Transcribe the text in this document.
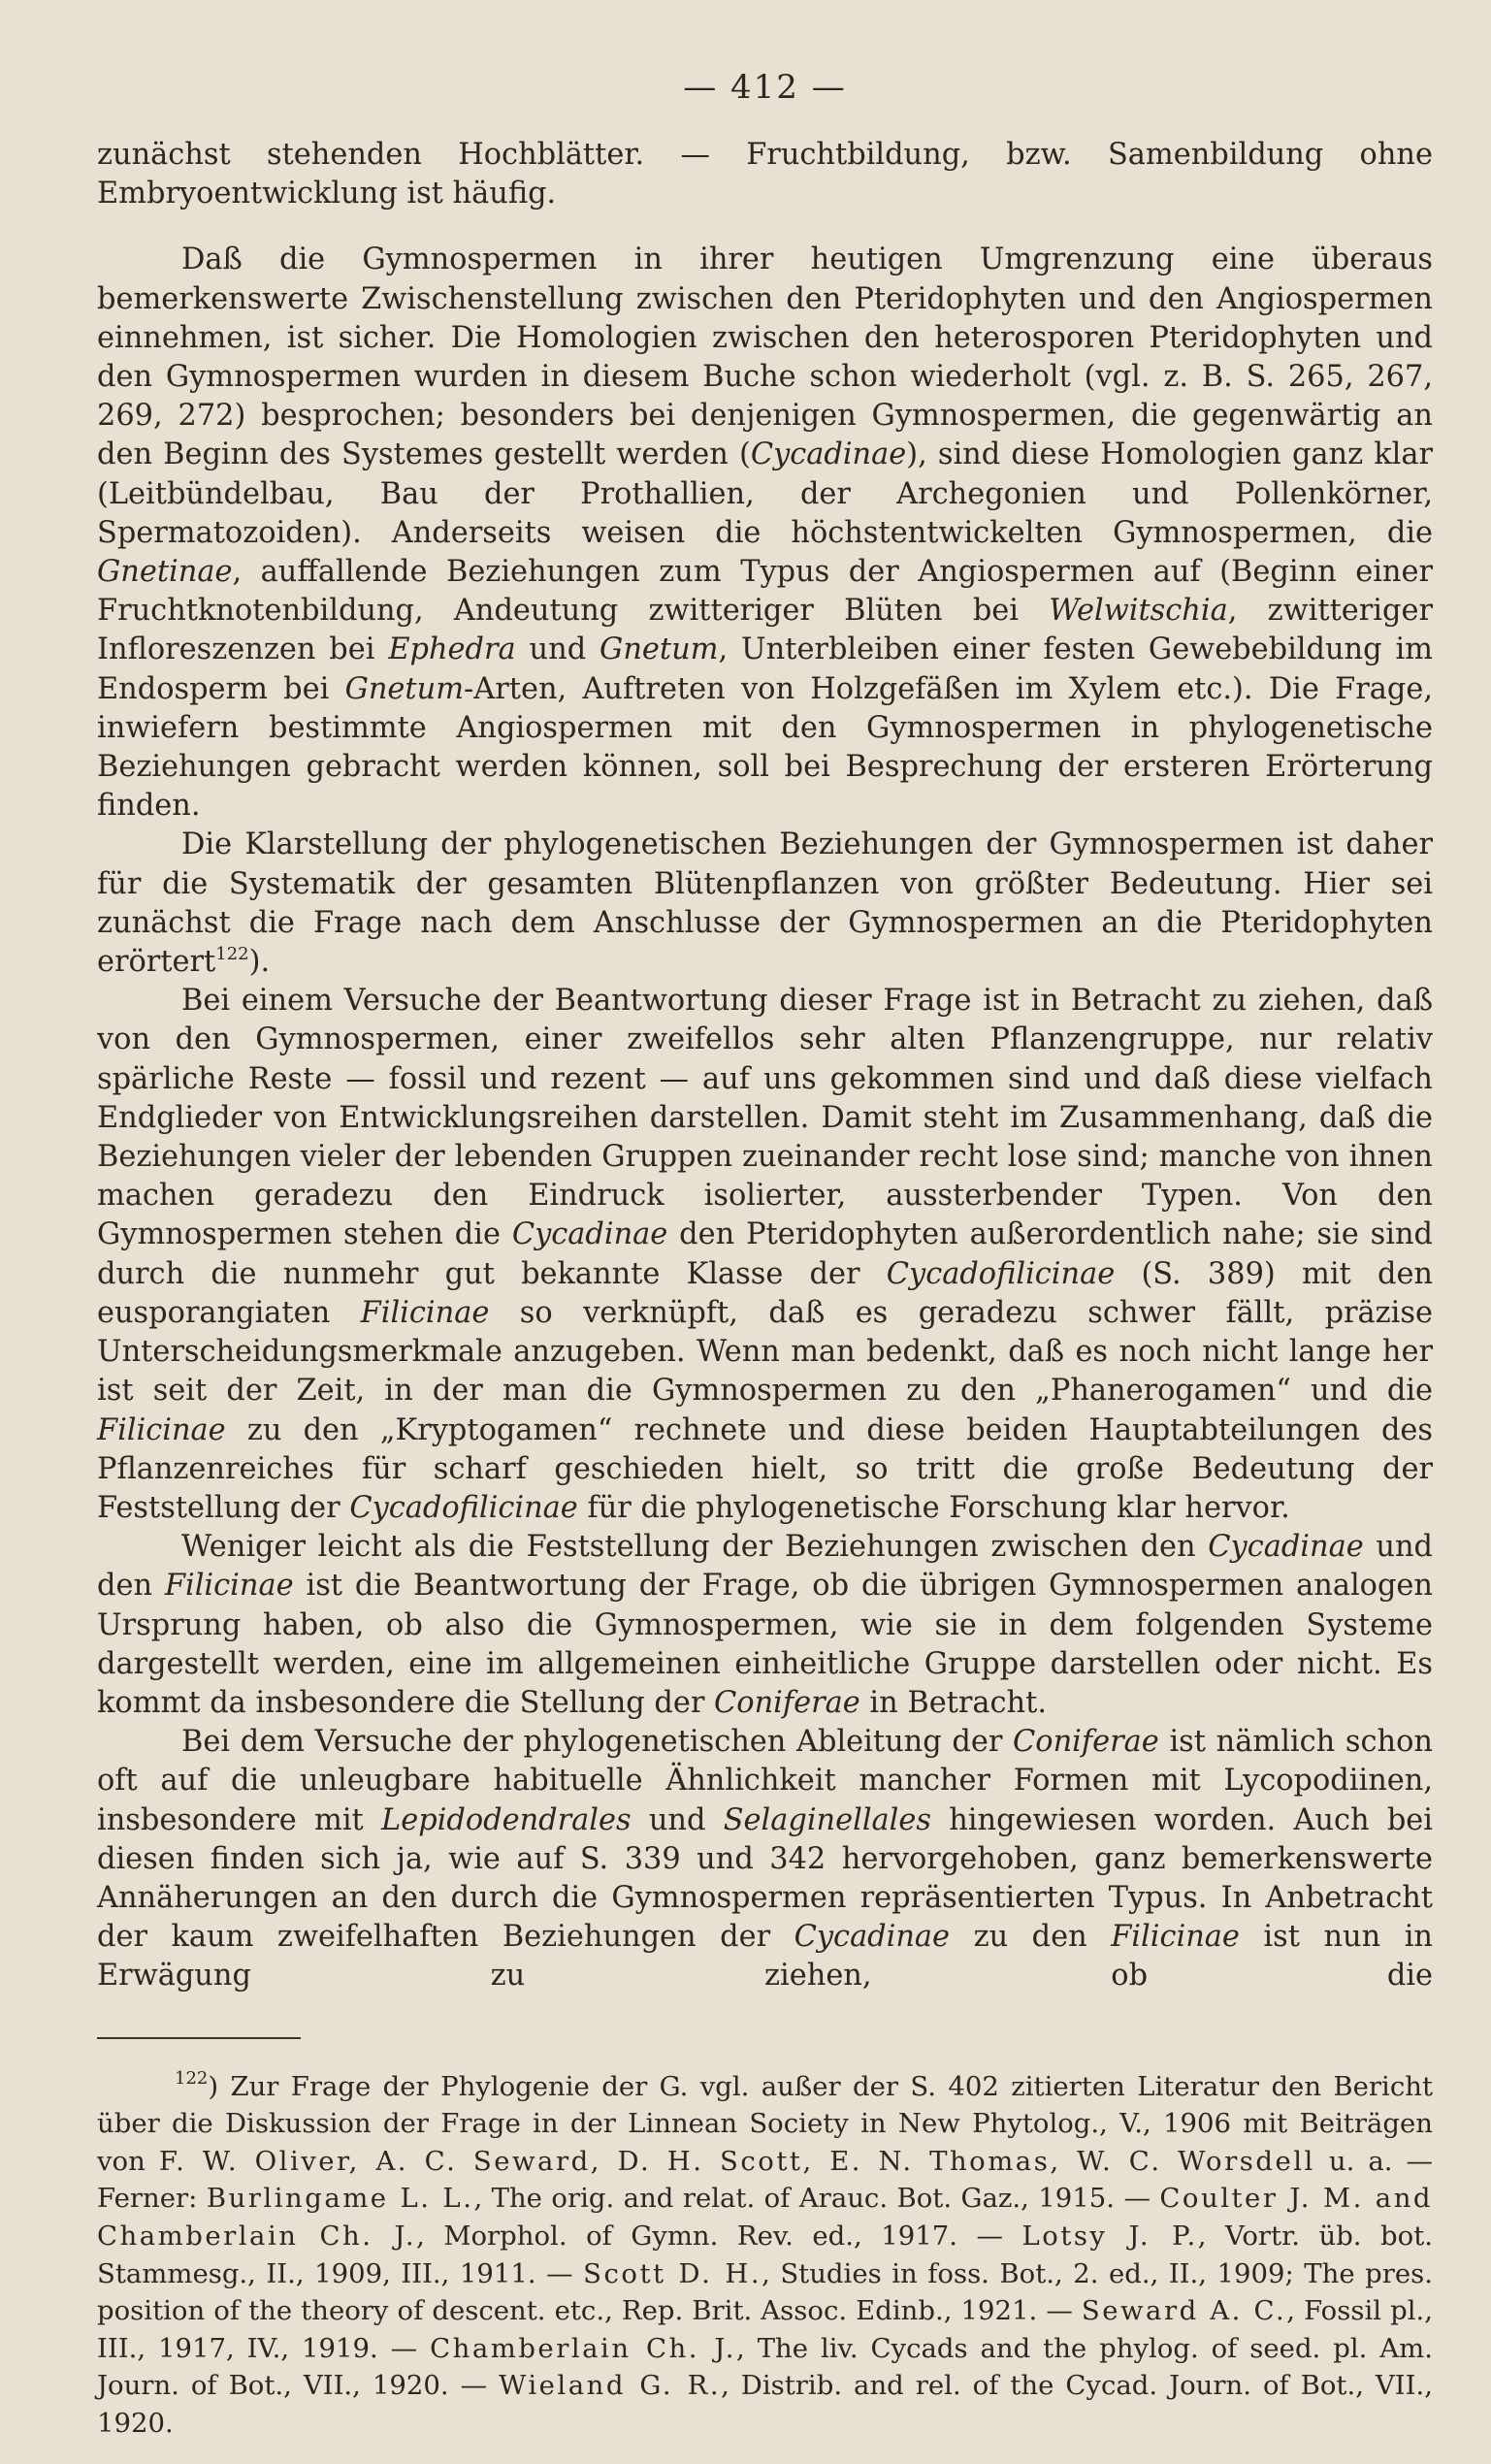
— 412 —

zunächst stehenden Hochblätter. — Fruchtbildung, bzw. Samenbildung ohne Embryoentwicklung ist häufig.

Daß die Gymnospermen in ihrer heutigen Umgrenzung eine überaus bemerkenswerte Zwischenstellung zwischen den Pteridophyten und den Angiospermen einnehmen, ist sicher. Die Homologien zwischen den heterosporen Pteridophyten und den Gymnospermen wurden in diesem Buche schon wiederholt (vgl. z. B. S. 265, 267, 269, 272) besprochen; besonders bei denjenigen Gymnospermen, die gegenwärtig an den Beginn des Systemes gestellt werden (Cycadinae), sind diese Homologien ganz klar (Leitbündelbau, Bau der Prothallien, der Archegonien und Pollenkörner, Spermatozoiden). Anderseits weisen die höchstentwickelten Gymnospermen, die Gnetinae, auffallende Beziehungen zum Typus der Angiospermen auf (Beginn einer Fruchtknotenbildung, Andeutung zwitteriger Blüten bei Welwitschia, zwitteriger Infloreszenzen bei Ephedra und Gnetum, Unterbleiben einer festen Gewebebildung im Endosperm bei Gnetum-Arten, Auftreten von Holzgefäßen im Xylem etc.). Die Frage, inwiefern bestimmte Angiospermen mit den Gymnospermen in phylogenetische Beziehungen gebracht werden können, soll bei Besprechung der ersteren Erörterung finden.

Die Klarstellung der phylogenetischen Beziehungen der Gymnospermen ist daher für die Systematik der gesamten Blütenpflanzen von größter Bedeutung. Hier sei zunächst die Frage nach dem Anschlusse der Gymnospermen an die Pteridophyten erörtert$^{122}$).

Bei einem Versuche der Beantwortung dieser Frage ist in Betracht zu ziehen, daß von den Gymnospermen, einer zweifellos sehr alten Pflanzengruppe, nur relativ spärliche Reste — fossil und rezent — auf uns gekommen sind und daß diese vielfach Endglieder von Entwicklungsreihen darstellen. Damit steht im Zusammenhang, daß die Beziehungen vieler der lebenden Gruppen zueinander recht lose sind; manche von ihnen machen geradezu den Eindruck isolierter, aussterbender Typen. Von den Gymnospermen stehen die Cycadinae den Pteridophyten außerordentlich nahe; sie sind durch die nunmehr gut bekannte Klasse der Cycadofilicinae (S. 389) mit den eusporangiaten Filicinae so verknüpft, daß es geradezu schwer fällt, präzise Unterscheidungsmerkmale anzugeben. Wenn man bedenkt, daß es noch nicht lange her ist seit der Zeit, in der man die Gymnospermen zu den „Phanerogamen“ und die Filicinae zu den „Kryptogamen“ rechnete und diese beiden Hauptabteilungen des Pflanzenreiches für scharf geschieden hielt, so tritt die große Bedeutung der Feststellung der Cycadofilicinae für die phylogenetische Forschung klar hervor.

Weniger leicht als die Feststellung der Beziehungen zwischen den Cycadinae und den Filicinae ist die Beantwortung der Frage, ob die übrigen Gymnospermen analogen Ursprung haben, ob also die Gymnospermen, wie sie in dem folgenden Systeme dargestellt werden, eine im allgemeinen einheitliche Gruppe darstellen oder nicht. Es kommt da insbesondere die Stellung der Coniferae in Betracht.

Bei dem Versuche der phylogenetischen Ableitung der Coniferae ist nämlich schon oft auf die unleugbare habituelle Ähnlichkeit mancher Formen mit Lycopodiinen, insbesondere mit Lepidodendrales und Selaginellales hingewiesen worden. Auch bei diesen finden sich ja, wie auf S. 339 und 342 hervorgehoben, ganz bemerkenswerte Annäherungen an den durch die Gymnospermen repräsentierten Typus. In Anbetracht der kaum zweifelhaften Beziehungen der Cycadinae zu den Filicinae ist nun in Erwägung zu ziehen, ob die

$^{122}$) Zur Frage der Phylogenie der G. vgl. außer der S. 402 zitierten Literatur den Bericht über die Diskussion der Frage in der Linnean Society in New Phytolog., V., 1906 mit Beiträgen von F. W. Oliver, A. C. Seward, D. H. Scott, E. N. Thomas, W. C. Worsdell u. a. — Ferner: Burlingame L. L., The orig. and relat. of Arauc. Bot. Gaz., 1915. — Coulter J. M. and Chamberlain Ch. J., Morphol. of Gymn. Rev. ed., 1917. — Lotsy J. P., Vortr. üb. bot. Stammesg., II., 1909, III., 1911. — Scott D. H., Studies in foss. Bot., 2. ed., II., 1909; The pres. position of the theory of descent. etc., Rep. Brit. Assoc. Edinb., 1921. — Seward A. C., Fossil pl., III., 1917, IV., 1919. — Chamberlain Ch. J., The liv. Cycads and the phylog. of seed. pl. Am. Journ. of Bot., VII., 1920. — Wieland G. R., Distrib. and rel. of the Cycad. Journ. of Bot., VII., 1920.
